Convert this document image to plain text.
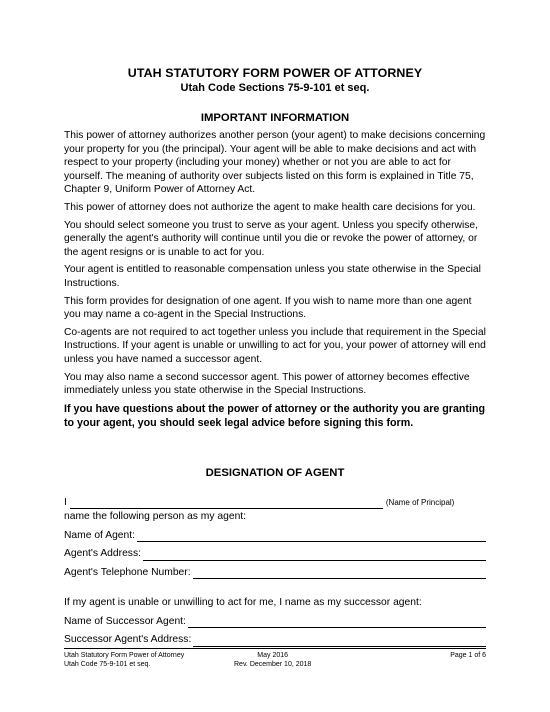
UTAH STATUTORY FORM POWER OF ATTORNEY
Utah Code Sections 75-9-101 et seq.
IMPORTANT INFORMATION

This power of attorney authorizes another person (your agent) to make decisions concerning your property for you (the principal). Your agent will be able to make decisions and act with respect to your property (including your money) whether or not you are able to act for yourself. The meaning of authority over subjects listed on this form is explained in Title 75, Chapter 9, Uniform Power of Attorney Act.

This power of attorney does not authorize the agent to make health care decisions for you.

You should select someone you trust to serve as your agent. Unless you specify otherwise, generally the agent's authority will continue until you die or revoke the power of attorney, or the agent resigns or is unable to act for you.

Your agent is entitled to reasonable compensation unless you state otherwise in the Special Instructions.

This form provides for designation of one agent. If you wish to name more than one agent you may name a co-agent in the Special Instructions.

Co-agents are not required to act together unless you include that requirement in the Special Instructions. If your agent is unable or unwilling to act for you, your power of attorney will end unless you have named a successor agent.

You may also name a second successor agent. This power of attorney becomes effective immediately unless you state otherwise in the Special Instructions.

If you have questions about the power of attorney or the authority you are granting to your agent, you should seek legal advice before signing this form.
DESIGNATION OF AGENT
I	(Name of Principal)
name the following person as my agent:
Name of Agent:
Agent's Address:
Agent's Telephone Number:
If my agent is unable or unwilling to act for me, I name as my successor agent:
Name of Successor Agent:
Successor Agent's Address:
Utah Statutory Form Power of Attorney
Utah Code 75-9-101 et seq.
May 2016
Rev. December 10, 2018
Page 1 of 6
